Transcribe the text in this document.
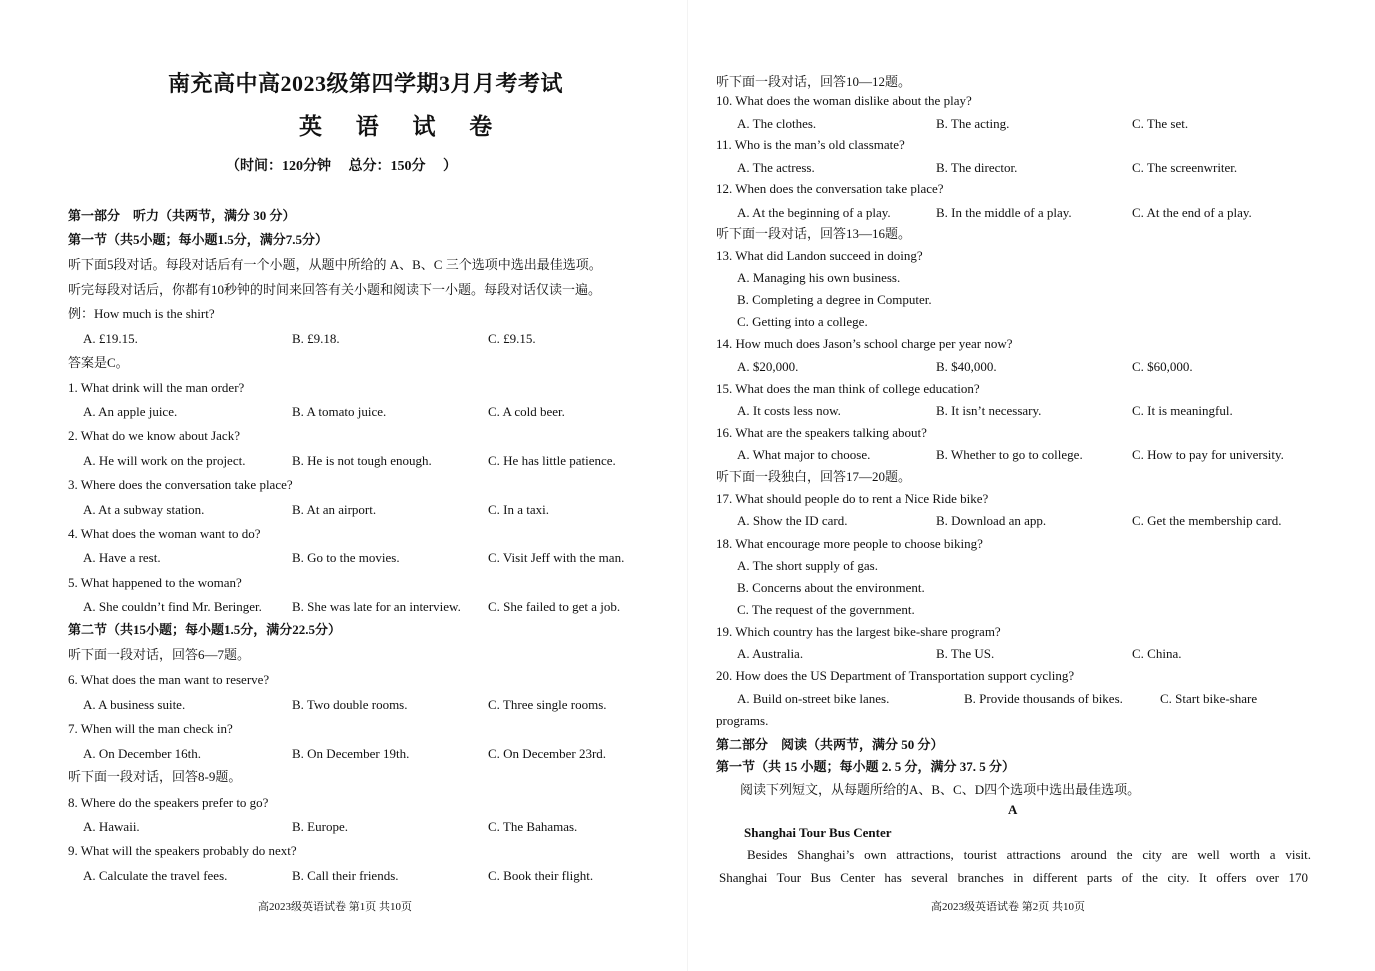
南充高中高2023级第四学期3月月考考试
英 语 试 卷
（时间：120分钟　 总分：150分　 ）
第一部分　听力（共两节，满分 30 分）
第一节（共5小题；每小题1.5分，满分7.5分）
听下面5段对话。每段对话后有一个小题，从题中所给的 A、B、C 三个选项中选出最佳选项。
听完每段对话后，你都有10秒钟的时间来回答有关小题和阅读下一小题。每段对话仅读一遍。
例：How much is the shirt?
A. £19.15.	B. £9.18.	C. £9.15.
答案是C。
1. What drink will the man order?
A. An apple juice.	B. A tomato juice.	C. A cold beer.
2. What do we know about Jack?
A. He will work on the project.	B. He is not tough enough.	C. He has little patience.
3. Where does the conversation take place?
A. At a subway station.	B. At an airport.	C. In a taxi.
4. What does the woman want to do?
A. Have a rest.	B. Go to the movies.	C. Visit Jeff with the man.
5. What happened to the woman?
A. She couldn’t find Mr. Beringer. B. She was late for an interview. C. She failed to get a job.
第二节（共15小题；每小题1.5分，满分22.5分）
听下面一段对话，回答6—7题。
6. What does the man want to reserve?
A. A business suite.	B. Two double rooms.	C. Three single rooms.
7. When will the man check in?
A. On December 16th.	B. On December 19th.	C. On December 23rd.
听下面一段对话，回答8-9题。
8. Where do the speakers prefer to go?
A. Hawaii.	B. Europe.	C. The Bahamas.
9. What will the speakers probably do next?
A. Calculate the travel fees.	B. Call their friends.	C. Book their flight.
高2023级英语试卷 第1页 共10页
听下面一段对话，回答10—12题。
10. What does the woman dislike about the play?
A. The clothes.	B. The acting.	C. The set.
11. Who is the man’s old classmate?
A. The actress.	B. The director.	C. The screenwriter.
12. When does the conversation take place?
A. At the beginning of a play.	B. In the middle of a play.	C. At the end of a play.
听下面一段对话，回答13—16题。
13. What did Landon succeed in doing?
A. Managing his own business.
B. Completing a degree in Computer.
C. Getting into a college.
14. How much does Jason’s school charge per year now?
A. $20,000.	B. $40,000.	C. $60,000.
15. What does the man think of college education?
A. It costs less now.	B. It isn’t necessary.	C. It is meaningful.
16. What are the speakers talking about?
A. What major to choose.	B. Whether to go to college.	C. How to pay for university.
听下面一段独白，回答17—20题。
17. What should people do to rent a Nice Ride bike?
A. Show the ID card.	B. Download an app.	C. Get the membership card.
18. What encourage more people to choose biking?
A. The short supply of gas.
B. Concerns about the environment.
C. The request of the government.
19. Which country has the largest bike-share program?
A. Australia.	B. The US.	C. China.
20. How does the US Department of Transportation support cycling?
A. Build on-street bike lanes.	B. Provide thousands of bikes.	C. Start bike-share
programs.
第二部分　阅读（共两节，满分 50 分）
第一节（共 15 小题；每小题 2. 5 分，满分 37. 5 分）
阅读下列短文，从每题所给的A、B、C、D四个选项中选出最佳选项。
A
Shanghai Tour Bus Center
Besides Shanghai’s own attractions, tourist attractions around the city are well worth a visit.
Shanghai Tour Bus Center has several branches in different parts of the city. It offers over 170
高2023级英语试卷 第2页 共10页
